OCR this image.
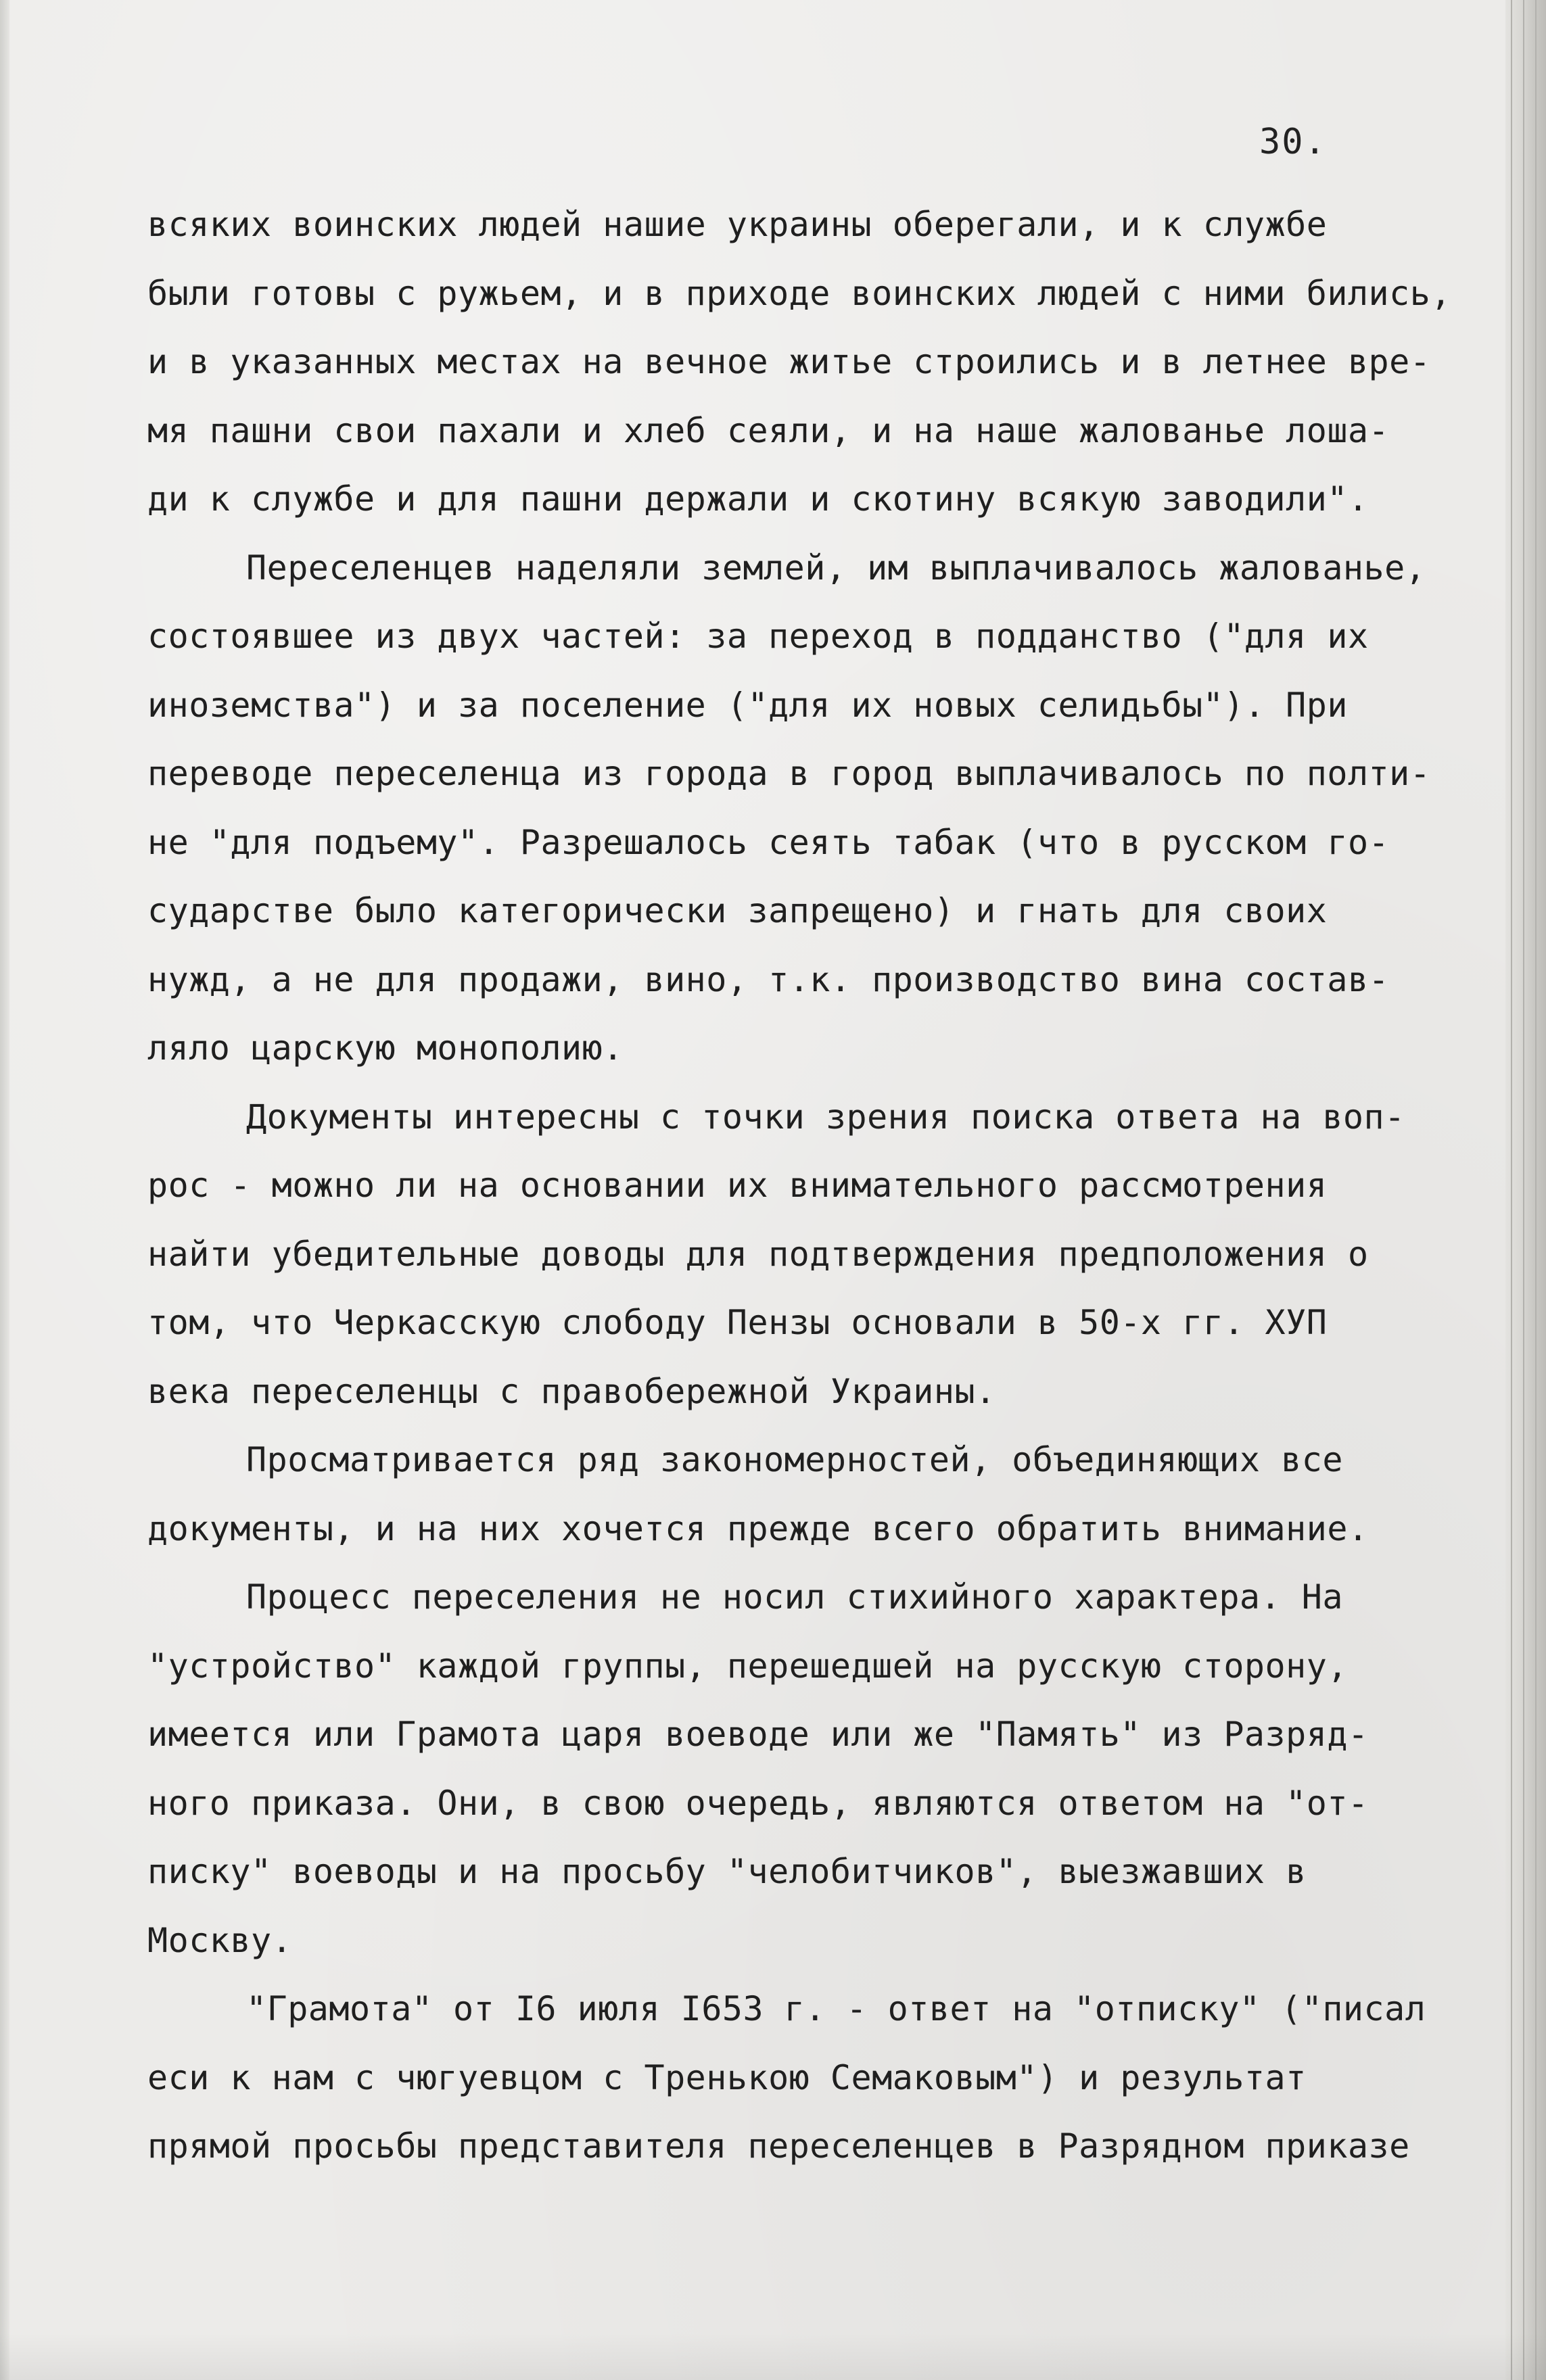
30.
всяких воинских людей нашие украины оберегали, и к службе
были готовы с ружьем, и в приходе воинских людей с ними бились,
и в указанных местах на вечное житье строились и в летнее вре-
мя пашни свои пахали и хлеб сеяли, и на наше жалованье лоша-
ди к службе и для пашни держали и скотину всякую заводили".
Переселенцев наделяли землей, им выплачивалось жалованье,
состоявшее из двух частей: за переход в подданство ("для их
иноземства") и за поселение ("для их новых селидьбы"). При
переводе переселенца из города в город выплачивалось по полти-
не "для подъему". Разрешалось сеять табак (что в русском го-
сударстве было категорически запрещено) и гнать для своих
нужд, а не для продажи, вино, т.к. производство вина состав-
ляло царскую монополию.
Документы интересны с точки зрения поиска ответа на воп-
рос - можно ли на основании их внимательного рассмотрения
найти убедительные доводы для подтверждения предположения о
том, что Черкасскую слободу Пензы основали в 50-х гг. ХУП
века переселенцы с правобережной Украины.
Просматривается ряд закономерностей, объединяющих все
документы, и на них хочется прежде всего обратить внимание.
Процесс переселения не носил стихийного характера. На
"устройство" каждой группы, перешедшей на русскую сторону,
имеется или Грамота царя воеводе или же "Память" из Разряд-
ного приказа. Они, в свою очередь, являются ответом на "от-
писку" воеводы и на просьбу "челобитчиков", выезжавших в
Москву.
"Грамота" от I6 июля I653 г. - ответ на "отписку" ("писал
еси к нам с чюгуевцом с Тренькою Семаковым") и результат
прямой просьбы представителя переселенцев в Разрядном приказе
